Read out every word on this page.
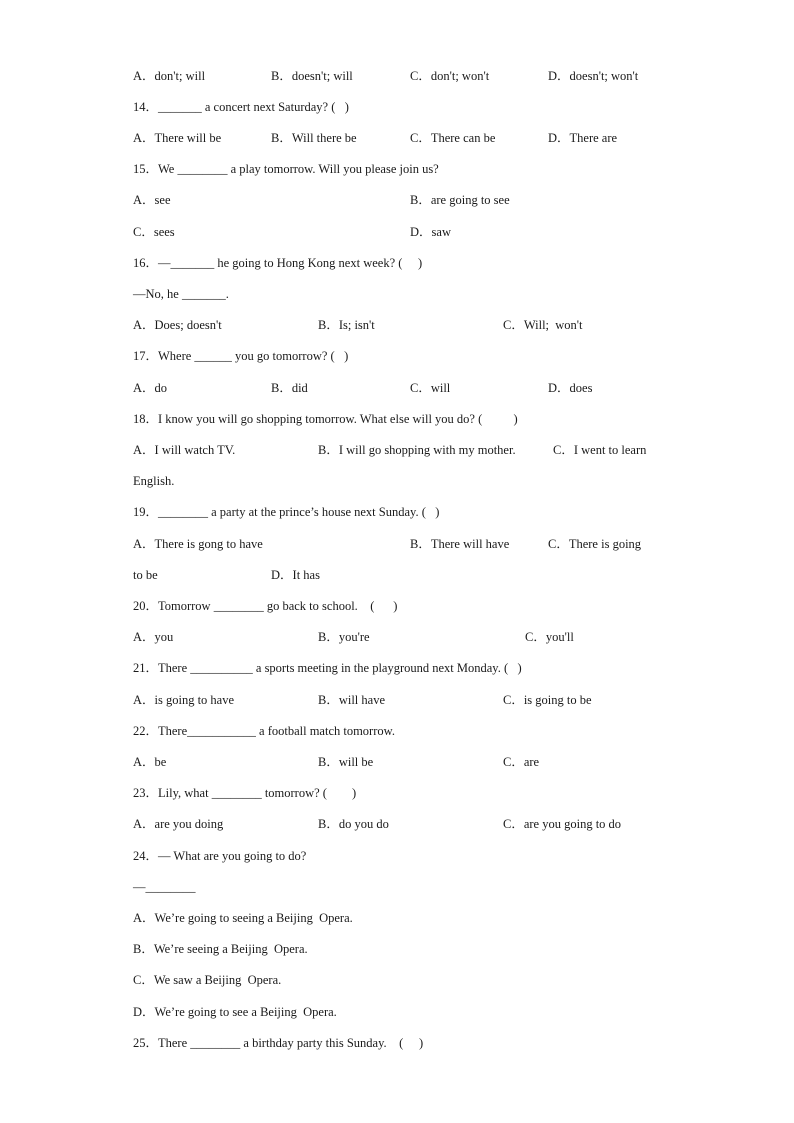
A．don't; will	B．doesn't; will	C．don't; won't	D．doesn't; won't
14．_______ a concert next Saturday? (   )
A．There will be	B．Will there be	C．There can be	D．There are
15．We ________ a play tomorrow. Will you please join us?
A．see	B．are going to see
C．sees	D．saw
16．—_______ he going to Hong Kong next week? (     )
—No, he _______.
A．Does; doesn't	B．Is; isn't	C．Will;  won't
17．Where ______ you go tomorrow? (   )
A．do	B．did	C．will	D．does
18．I know you will go shopping tomorrow. What else will you do? (          )
A．I will watch TV.	B．I will go shopping with my mother.	C．I went to learn
English.
19．________ a party at the prince’s house next Sunday. (   )
A．There is gong to have	B．There will have	C．There is going
to be	D．It has
20．Tomorrow ________ go back to school.    (      )
A．you	B．you're	C．you'll
21．There __________ a sports meeting in the playground next Monday. (   )
A．is going to have	B．will have	C．is going to be
22．There___________ a football match tomorrow.
A．be	B．will be	C．are
23．Lily, what ________ tomorrow? (        )
A．are you doing	B．do you do	C．are you going to do
24．— What are you going to do?
—________
A．We’re going to seeing a Beijing  Opera.
B．We’re seeing a Beijing  Opera.
C．We saw a Beijing  Opera.
D．We’re going to see a Beijing  Opera.
25．There ________ a birthday party this Sunday.    (     )
